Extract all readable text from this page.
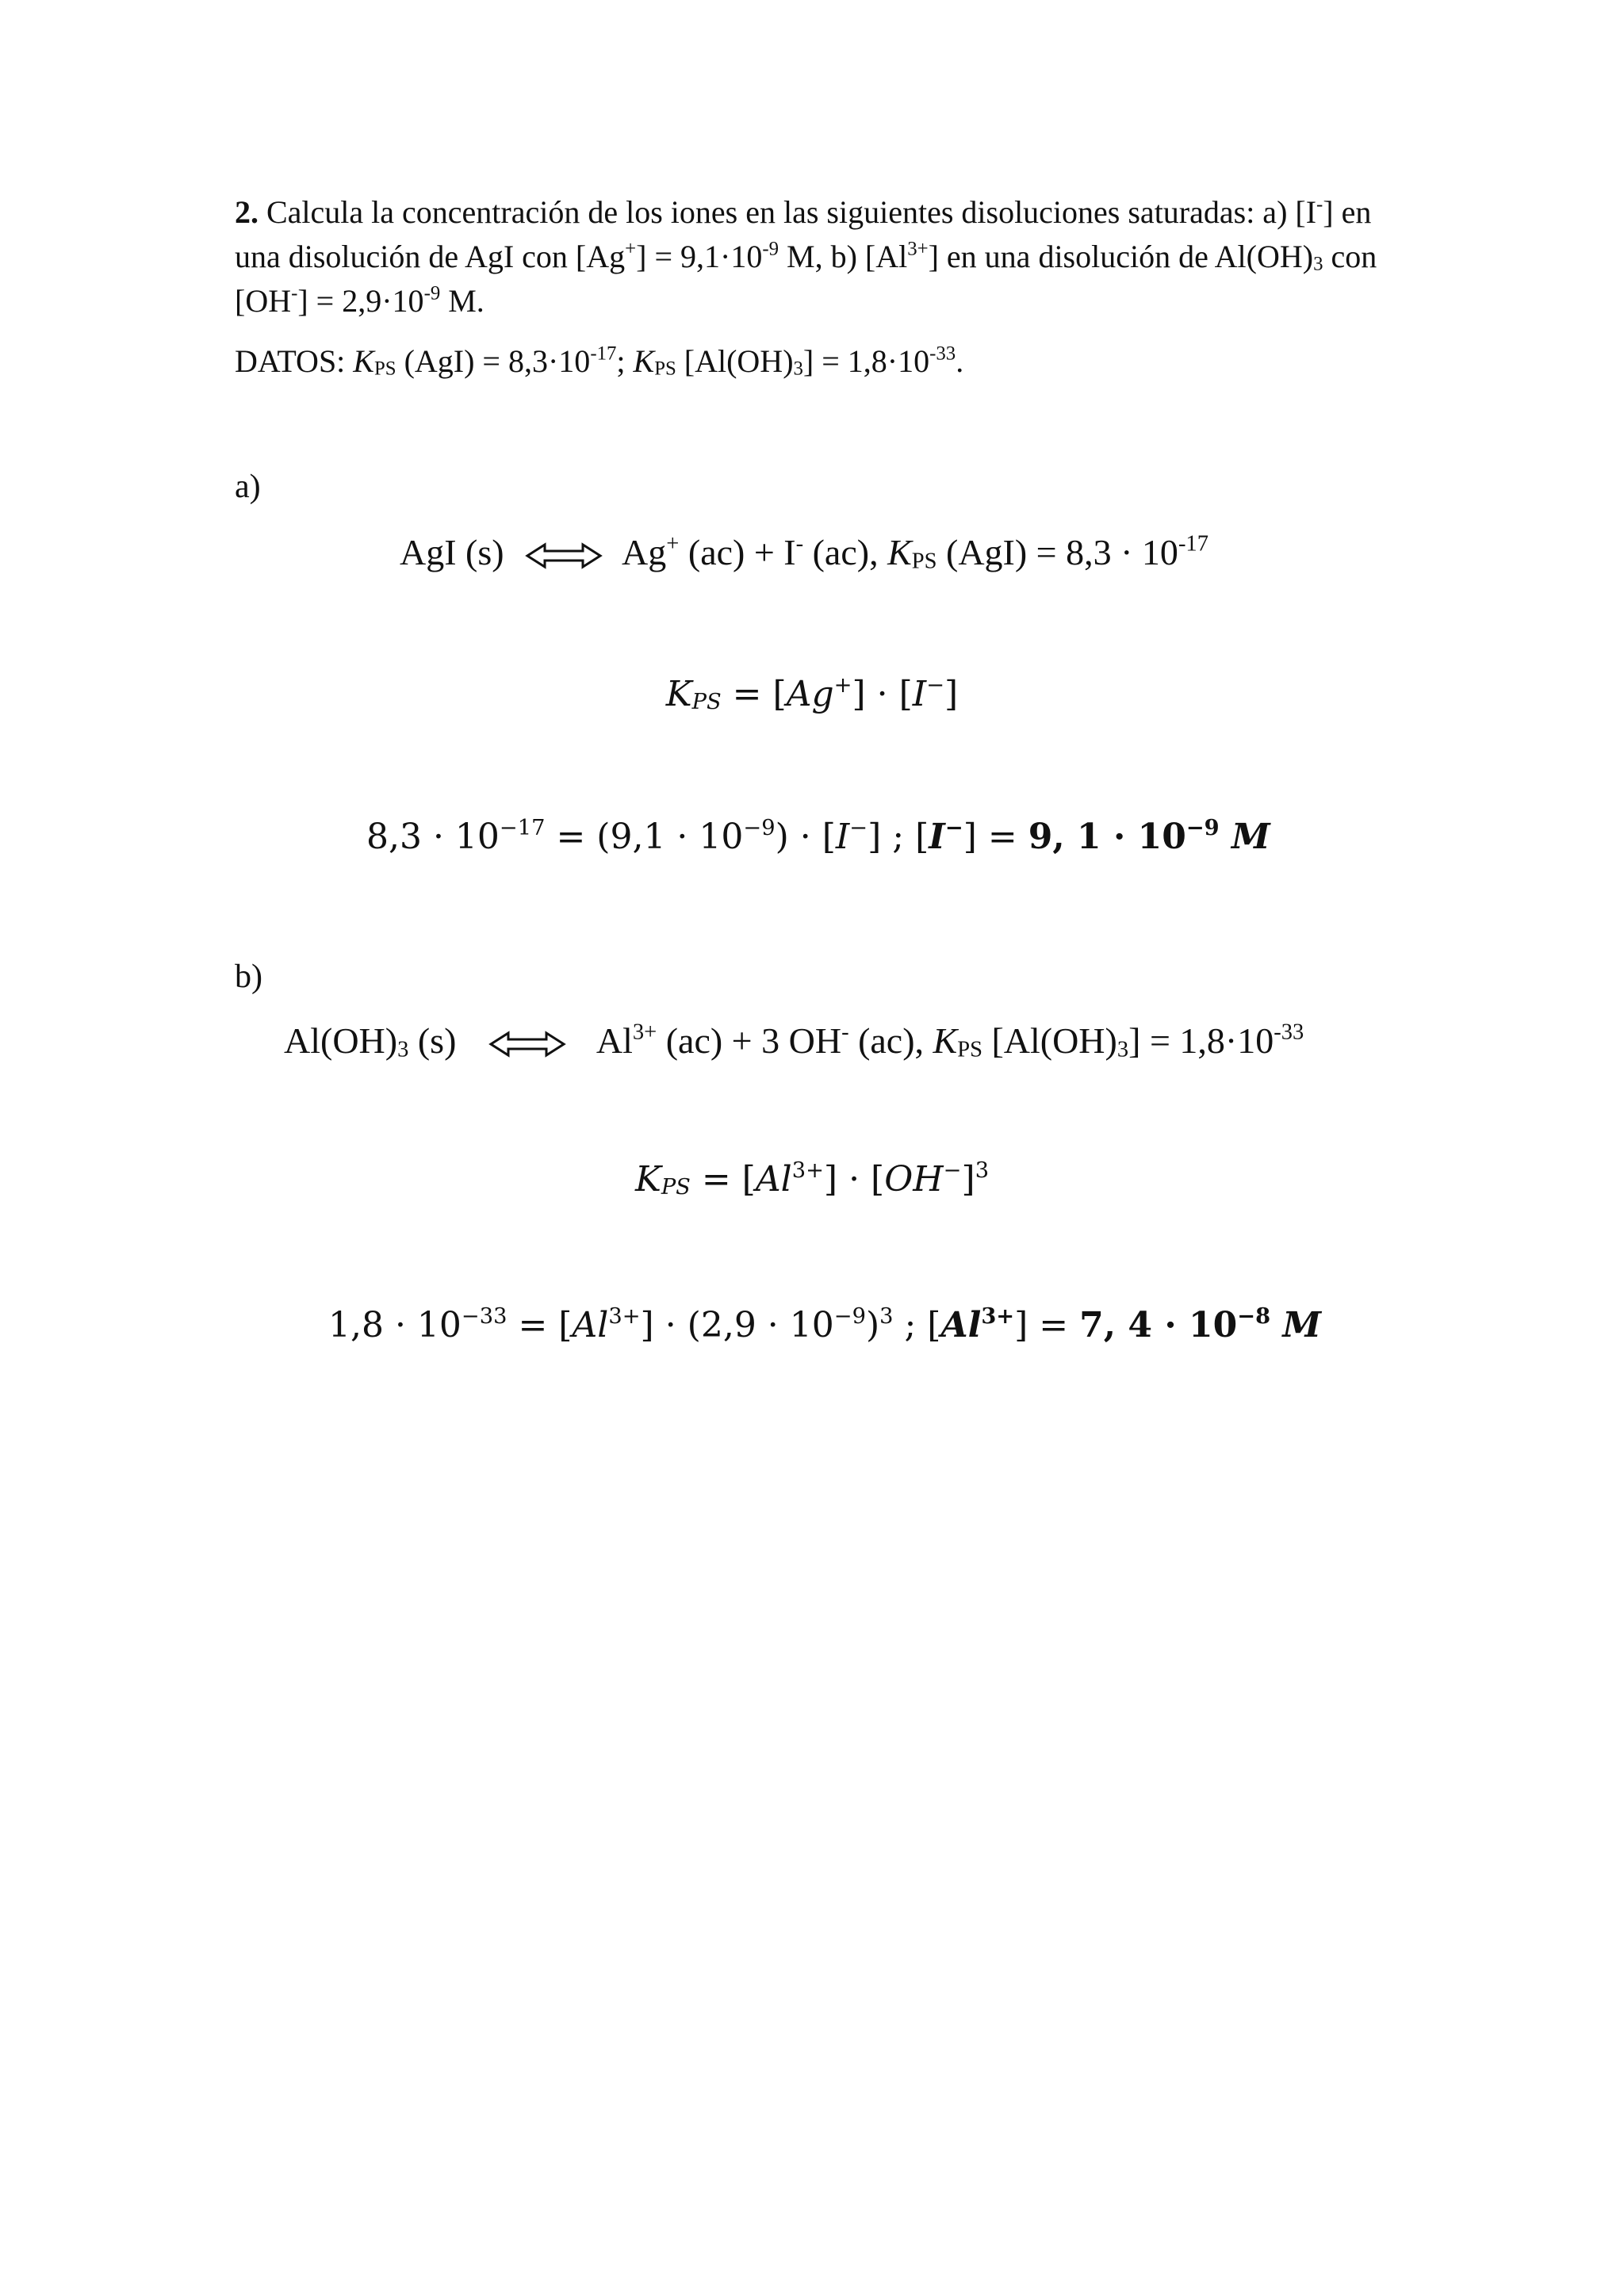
2. Calcula la concentración de los iones en las siguientes disoluciones saturadas: a) [I-] en una disolución de AgI con $[Ag^+] = 9,1\cdot 10^{-9}$ M, b) $[Al^{3+}]$ en una disolución de $Al(OH)_3$ con $[OH^-] = 2,9\cdot 10^{-9}$ M.
DATOS: $K_{PS}$ $(AgI) = 8,3\cdot 10^{-17}$; $K_{PS}$ $[Al(OH)_3] = 1,8\cdot 10^{-33}$.
a)
AgI (s) ⇌ Ag+ (ac) + I- (ac), $K_{PS}$ $(AgI) = 8,3 \cdot 10^{-17}$
$K_{PS} = [Ag^+] \cdot [I^-]$
$8,3 \cdot 10^{-17} = (9,1 \cdot 10^{-9}) \cdot [I^-]$ ; [I−] = 9, $1 \cdot 10^{-9}$ M
b)
$Al(OH)_3$ (s) ⇌ $Al^{3+}$ (ac) + 3 OH- (ac), $K_{PS}$ $[Al(OH)_3] = 1,8\cdot 10^{-33}$
$K_{PS} = [Al^{3+}] \cdot [OH^-]^3$
$1,8 \cdot 10^{-33} = [Al^{3+}] \cdot (2,9 \cdot 10^{-9})^3$ ; $[Al^{3+}] = 7$, $4 \cdot 10^{-8}$ M
